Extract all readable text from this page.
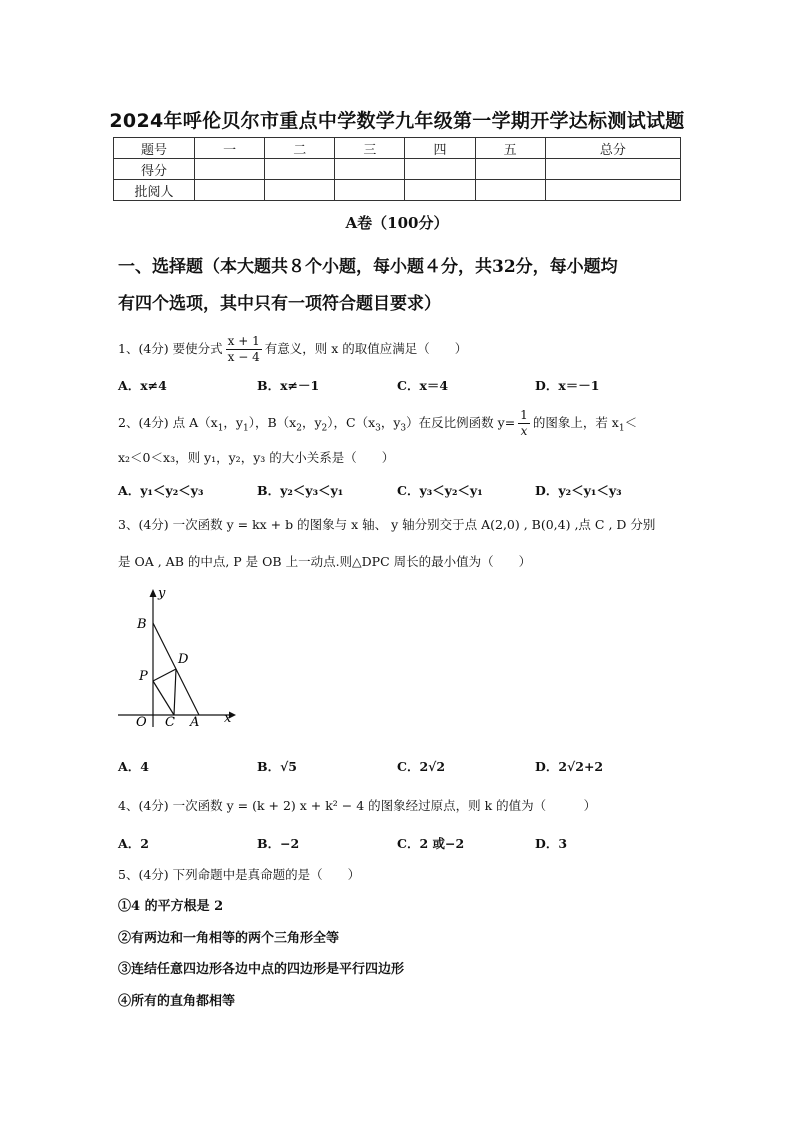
2024年呼伦贝尔市重点中学数学九年级第一学期开学达标测试试题
题号	一	二	三	四	五	总分
得分						
批阅人						
A卷（100分）
一、选择题（本大题共８个小题，每小题４分，共32分，每小题均
有四个选项，其中只有一项符合题目要求）
1、(4分) 要使分式 $\frac{x + 1}{x - 4}$ 有意义，则 x 的取值应满足（　　）
A．x≠4	B．x≠－1	C．x＝4	D．x＝－1
2、(4分) 点 $A(x_1$，$y_1$），$B(x_2$，$y_2$），$C(x_3$，$y_3$）在反比例函数 $y= \frac{1}{x}$ 的图象上，若 $x_1<$
x₂＜0＜x₃，则 y₁，y₂，y₃ 的大小关系是（　　）
A．y₁＜y₂＜y₃	B．y₂＜y₃＜y₁	C．y₃＜y₂＜y₁	D．y₂＜y₁＜y₃
3、(4分) 一次函数 y = kx + b 的图象与 x 轴、 y 轴分别交于点 A(2,0) , B(0,4) ,点 C , D 分别
是 OA , AB 的中点, P 是 OB 上一动点.则△DPC 周长的最小值为（　　）
y
x
B
D
P
O C A
A．4	B．√5	C．2√2	D．2√2+2
4、(4分) 一次函数 y = (k + 2) x + k² − 4 的图象经过原点，则 k 的值为（　　　）
A．2	B．−2	C．2 或−2	D．3
5、(4分) 下列命题中是真命题的是（　　）
①4 的平方根是 2
②有两边和一角相等的两个三角形全等
③连结任意四边形各边中点的四边形是平行四边形
④所有的直角都相等
